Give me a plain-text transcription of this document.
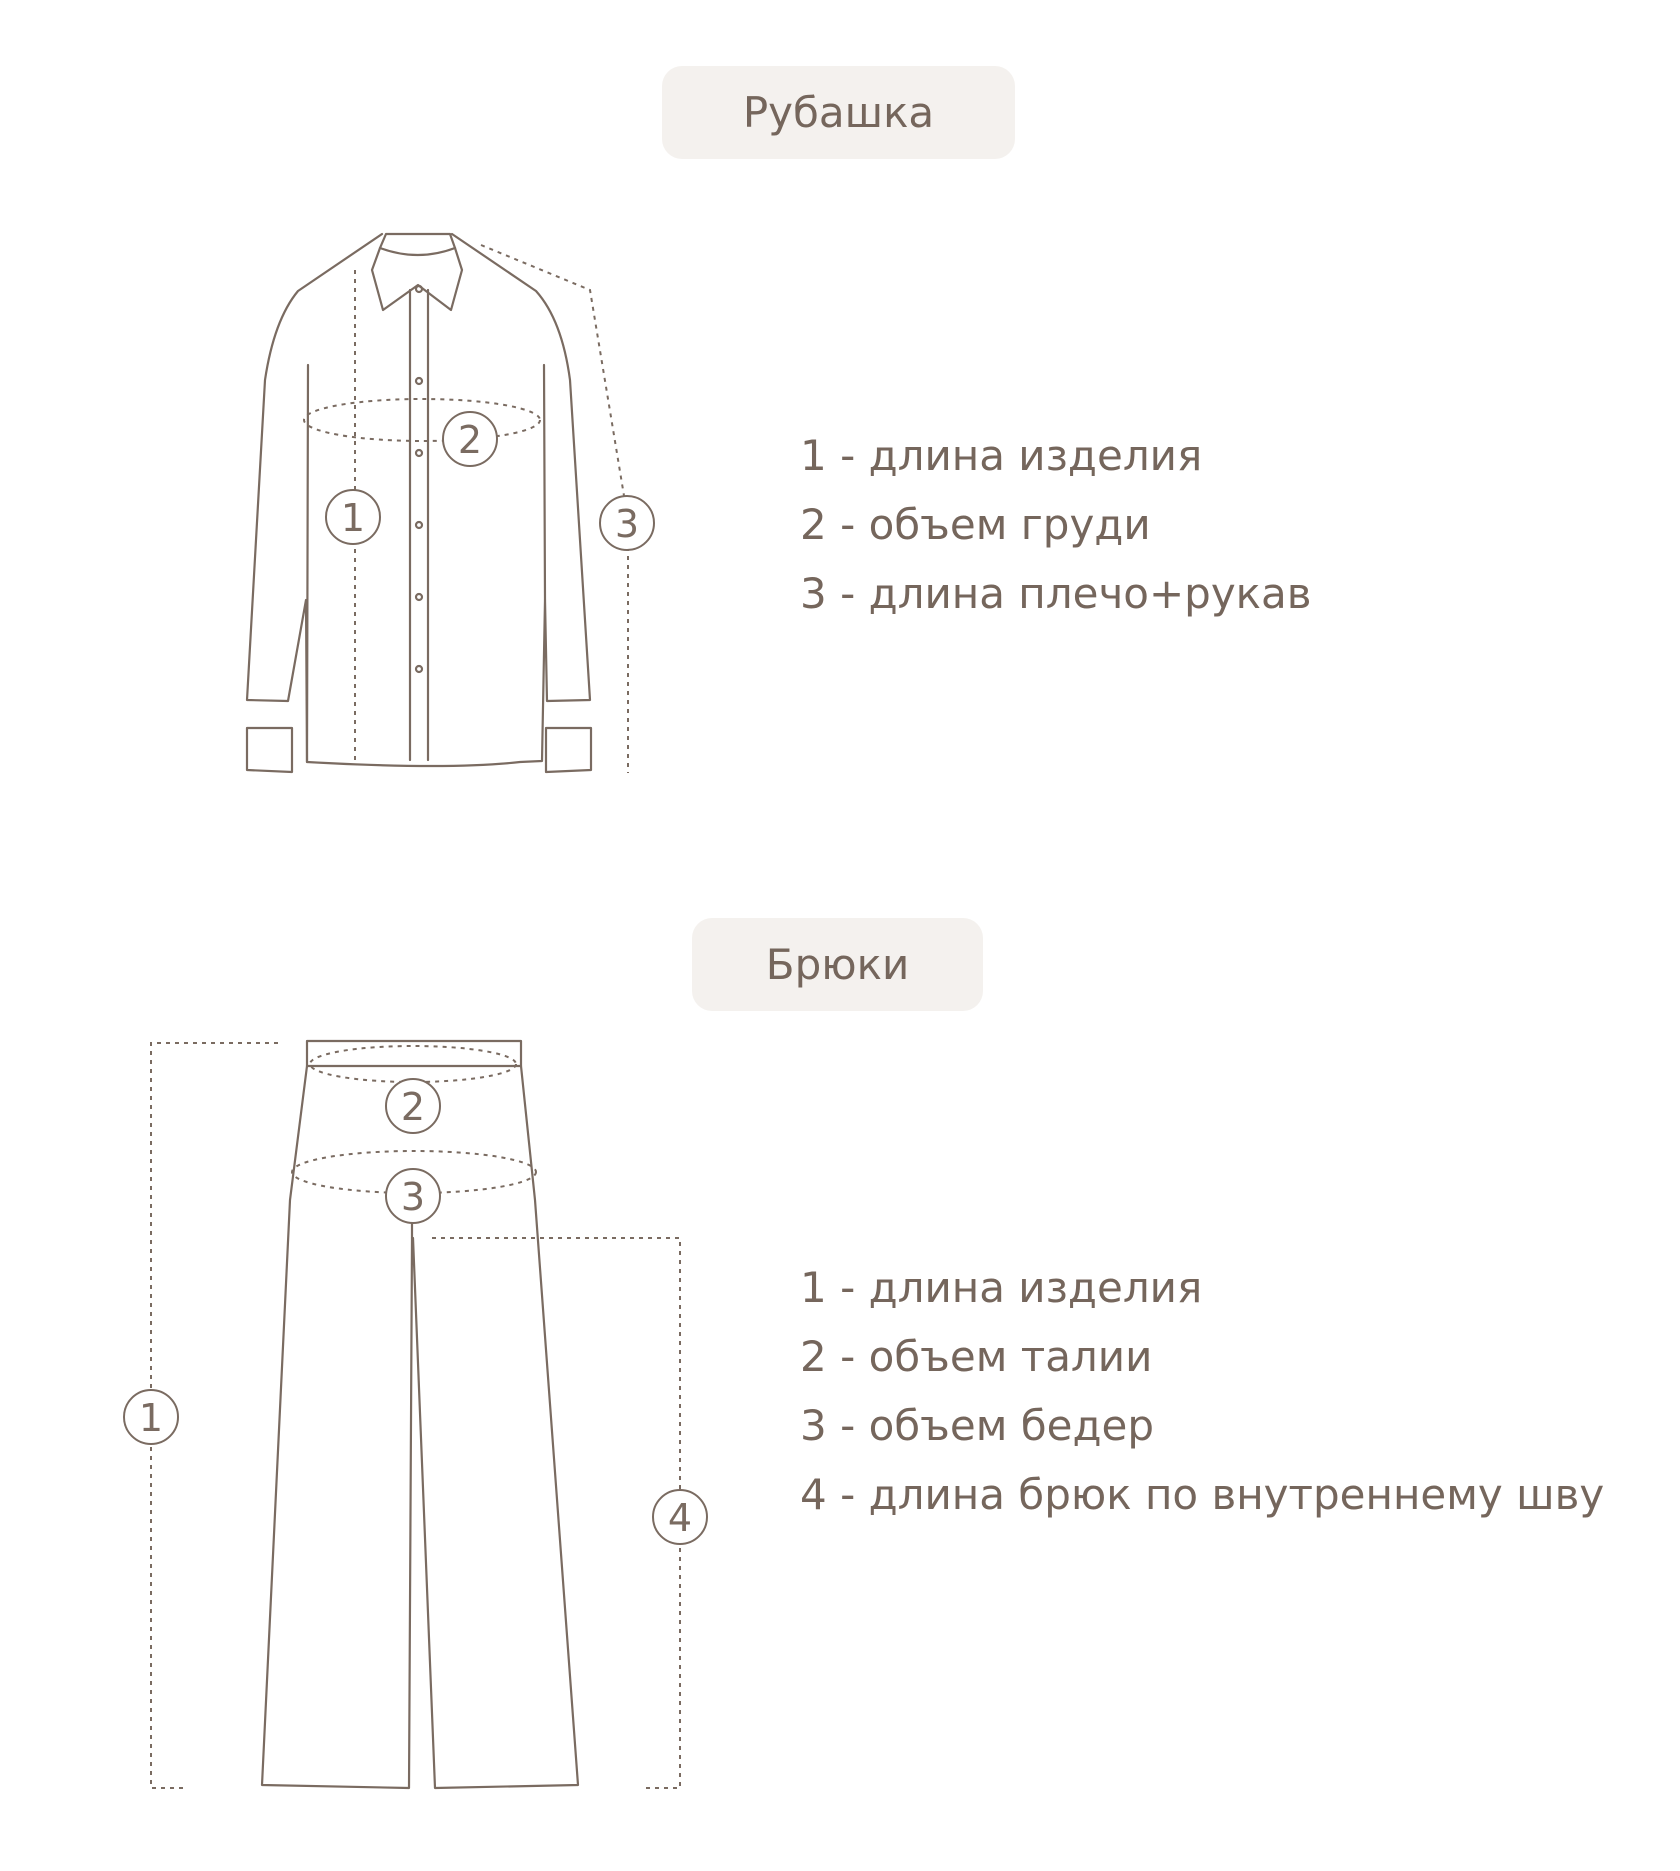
Рубашка
Брюки
1 - длина изделия
2 - объем груди
3 - длина плечо+рукав
1 - длина изделия
2 - объем талии
3 - объем бедер
4 - длина брюк по внутреннему шву
1
2
3
1
2
3
4
